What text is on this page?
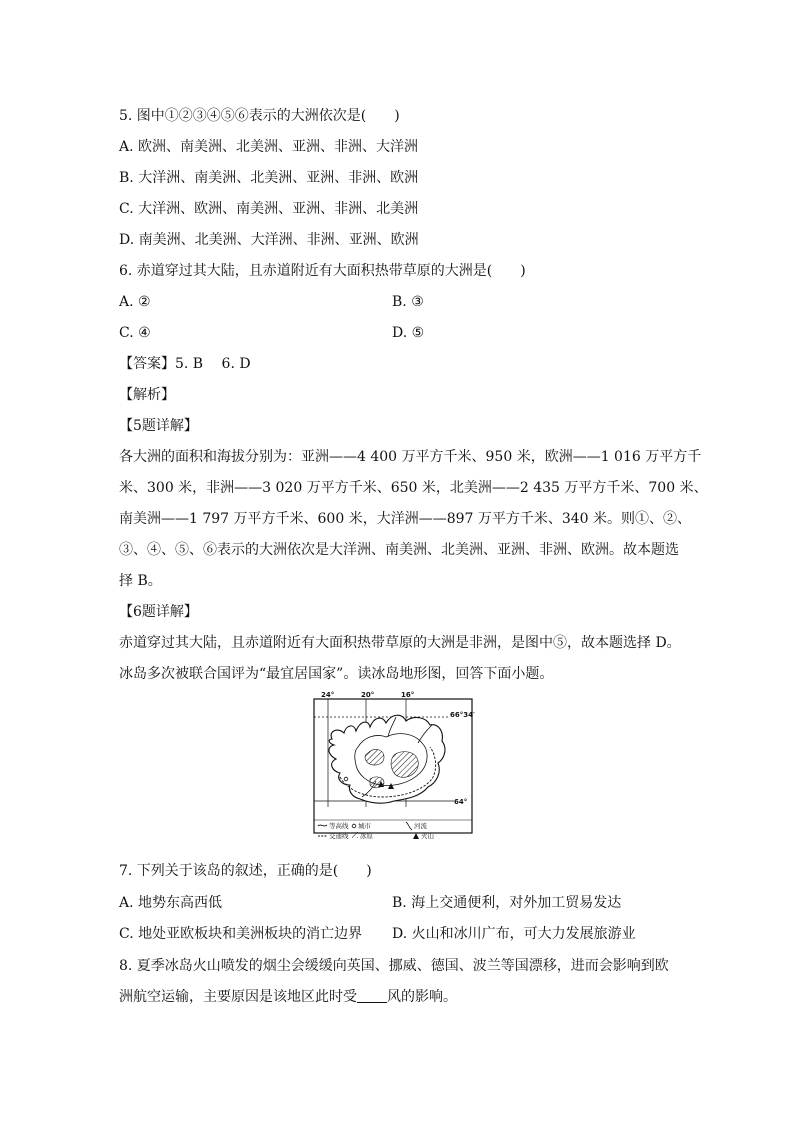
5. 图中①②③④⑤⑥表示的大洲依次是(　　)
A. 欧洲、南美洲、北美洲、亚洲、非洲、大洋洲
B. 大洋洲、南美洲、北美洲、亚洲、非洲、欧洲
C. 大洋洲、欧洲、南美洲、亚洲、非洲、北美洲
D. 南美洲、北美洲、大洋洲、非洲、亚洲、欧洲
6. 赤道穿过其大陆，且赤道附近有大面积热带草原的大洲是(　　)
A. ②	B. ③
C. ④	D. ⑤
【答案】5. B　 6. D
【解析】
【5题详解】
各大洲的面积和海拔分别为：亚洲——4 400 万平方千米、950 米，欧洲——1 016 万平方千
米、300 米，非洲——3 020 万平方千米、650 米，北美洲——2 435 万平方千米、700 米、
南美洲——1 797 万平方千米、600 米，大洋洲——897 万平方千米、340 米。则①、②、
③、④、⑤、⑥表示的大洲依次是大洋洲、南美洲、北美洲、亚洲、非洲、欧洲。故本题选
择 B。
【6题详解】
赤道穿过其大陆，且赤道附近有大面积热带草原的大洲是非洲，是图中⑤，故本题选择 D。
冰岛多次被联合国评为“最宜居国家”。读冰岛地形图，回答下面小题。
24°	20°	16°
66°34′
64°
等高线 城市	河流
交通线 冰原	火山
7. 下列关于该岛的叙述，正确的是(　　)
A. 地势东高西低	B. 海上交通便利，对外加工贸易发达
C. 地处亚欧板块和美洲板块的消亡边界 D. 火山和冰川广布，可大力发展旅游业
8. 夏季冰岛火山喷发的烟尘会缓缓向英国、挪威、德国、波兰等国漂移，进而会影响到欧
洲航空运输，主要原因是该地区此时受 风的影响。
